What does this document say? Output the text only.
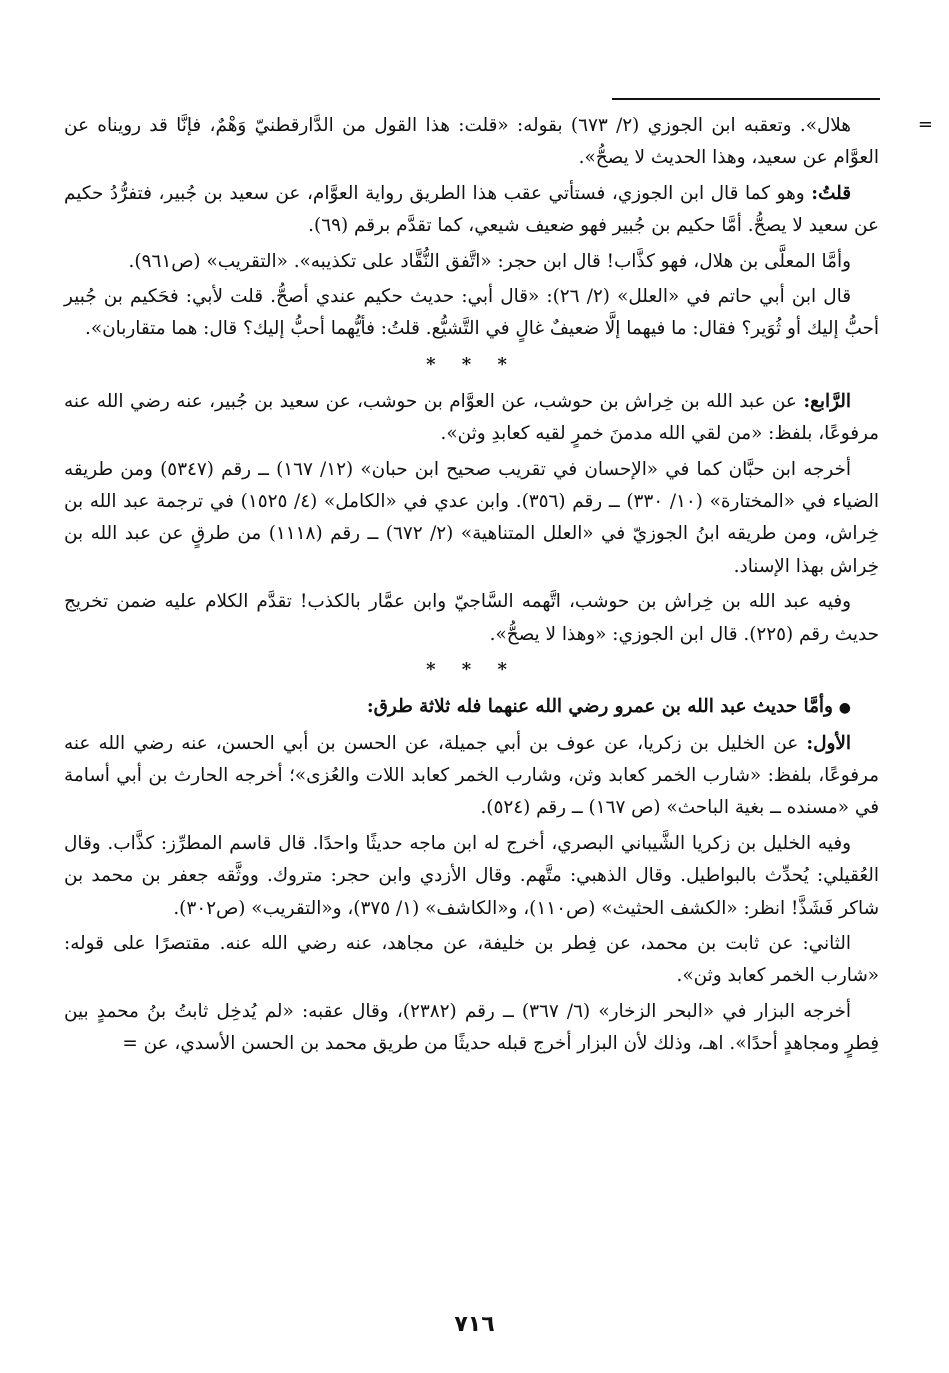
=

هلال». وتعقبه ابن الجوزي (٢/ ٦٧٣) بقوله: «قلت: هذا القول من الدَّارقطنيّ وَهْمٌ، فإنَّا قد رويناه عن العوَّام عن سعيد، وهذا الحديث لا يصحُّ».

قلتُ: وهو كما قال ابن الجوزي، فستأتي عقب هذا الطريق رواية العوَّام، عن سعيد بن جُبير، فتفرُّدُ حكيم عن سعيد لا يصحُّ. أمَّا حكيم بن جُبير فهو ضعيف شيعي، كما تقدَّم برقم (٦٩).

وأمَّا المعلَّى بن هلال، فهو كذَّاب! قال ابن حجر: «اتَّفق النُّقَّاد على تكذيبه». «التقريب» (ص٩٦١).

قال ابن أبي حاتم في «العلل» (٢/ ٢٦): «قال أبي: حديث حكيم عندي أصحُّ. قلت لأبي: فحَكيم بن جُبير أحبُّ إليك أو ثُوَير؟ فقال: ما فيهما إلَّا ضعيفٌ غالٍ في التَّشيُّع. قلتُ: فأيُّهما أحبُّ إليك؟ قال: هما متقاربان».

* * *

الرَّابع: عن عبد الله بن خِراش بن حوشب، عن العوَّام بن حوشب، عن سعيد بن جُبير، عنه رضي الله عنه مرفوعًا، بلفظ: «من لقي الله مدمنَ خمرٍ لقيه كعابدِ وثن».

أخرجه ابن حبَّان كما في «الإحسان في تقريب صحيح ابن حبان» (١٢/ ١٦٧) ــ رقم (٥٣٤٧) ومن طريقه الضياء في «المختارة» (١٠/ ٣٣٠) ــ رقم (٣٥٦). وابن عدي في «الكامل» (٤/ ١٥٢٥) في ترجمة عبد الله بن خِراش، ومن طريقه ابنُ الجوزيّ في «العلل المتناهية» (٢/ ٦٧٢) ــ رقم (١١١٨) من طرقٍ عن عبد الله بن خِراش بهذا الإسناد.

وفيه عبد الله بن خِراش بن حوشب، اتَّهمه السَّاجيّ وابن عمَّار بالكذب! تقدَّم الكلام عليه ضمن تخريج حديث رقم (٢٢٥). قال ابن الجوزي: «وهذا لا يصحُّ».

* * *

● وأمَّا حديث عبد الله بن عمرو رضي الله عنهما فله ثلاثة طرق:

الأول: عن الخليل بن زكريا، عن عوف بن أبي جميلة، عن الحسن بن أبي الحسن، عنه رضي الله عنه مرفوعًا، بلفظ: «شارب الخمر كعابد وثن، وشارب الخمر كعابد اللات والعُزى»؛ أخرجه الحارث بن أبي أسامة في «مسنده ــ بغية الباحث» (ص ١٦٧) ــ رقم (٥٢٤).

وفيه الخليل بن زكريا الشَّيباني البصري، أخرج له ابن ماجه حديثًا واحدًا. قال قاسم المطرِّز: كذَّاب. وقال العُقيلي: يُحدِّث بالبواطيل. وقال الذهبي: متَّهم. وقال الأزدي وابن حجر: متروك. ووثَّقه جعفر بن محمد بن شاكر فَشَذَّ! انظر: «الكشف الحثيث» (ص١١٠)، و«الكاشف» (١/ ٣٧٥)، و«التقريب» (ص٣٠٢).

الثاني: عن ثابت بن محمد، عن فِطر بن خليفة، عن مجاهد، عنه رضي الله عنه. مقتصرًا على قوله: «شارب الخمر كعابد وثن».

أخرجه البزار في «البحر الزخار» (٦/ ٣٦٧) ــ رقم (٢٣٨٢)، وقال عقبه: «لم يُدخِل ثابتُ بنُ محمدٍ بين فِطرٍ ومجاهدٍ أحدًا». اهـ، وذلك لأن البزار أخرج قبله حديثًا من طريق محمد بن الحسن الأسدي، عن =

٧١٦
